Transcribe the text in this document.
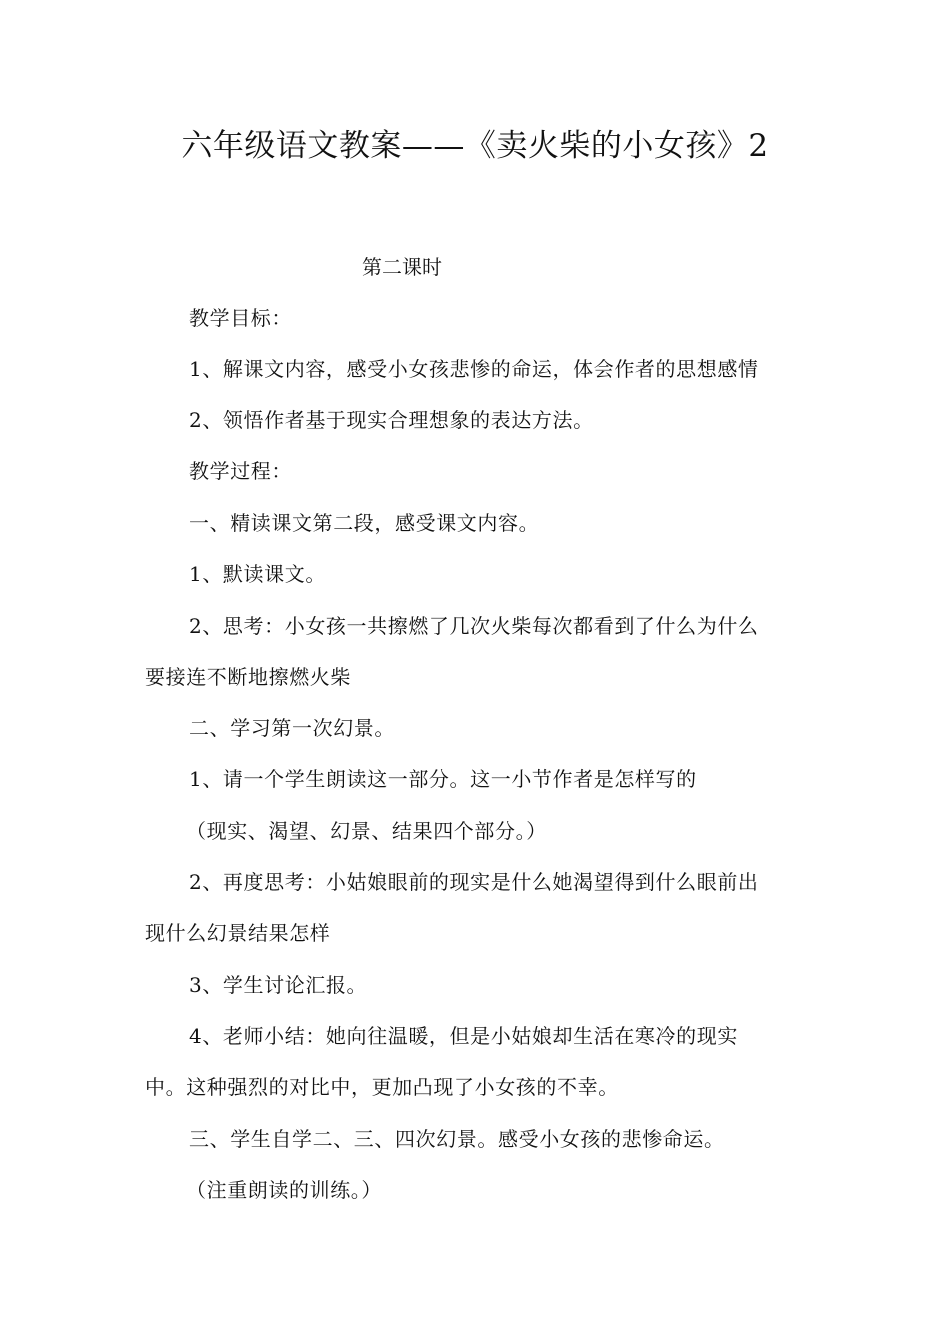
六年级语文教案——《卖火柴的小女孩》2
第二课时
教学目标：
1、解课文内容，感受小女孩悲惨的命运，体会作者的思想感情
2、领悟作者基于现实合理想象的表达方法。
教学过程：
一、精读课文第二段，感受课文内容。
1、默读课文。
2、思考：小女孩一共擦燃了几次火柴每次都看到了什么为什么
要接连不断地擦燃火柴
二、学习第一次幻景。
1、请一个学生朗读这一部分。这一小节作者是怎样写的
（现实、渴望、幻景、结果四个部分。）
2、再度思考：小姑娘眼前的现实是什么她渴望得到什么眼前出
现什么幻景结果怎样
3、学生讨论汇报。
4、老师小结：她向往温暖，但是小姑娘却生活在寒冷的现实
中。这种强烈的对比中，更加凸现了小女孩的不幸。
三、学生自学二、三、四次幻景。感受小女孩的悲惨命运。
（注重朗读的训练。）
